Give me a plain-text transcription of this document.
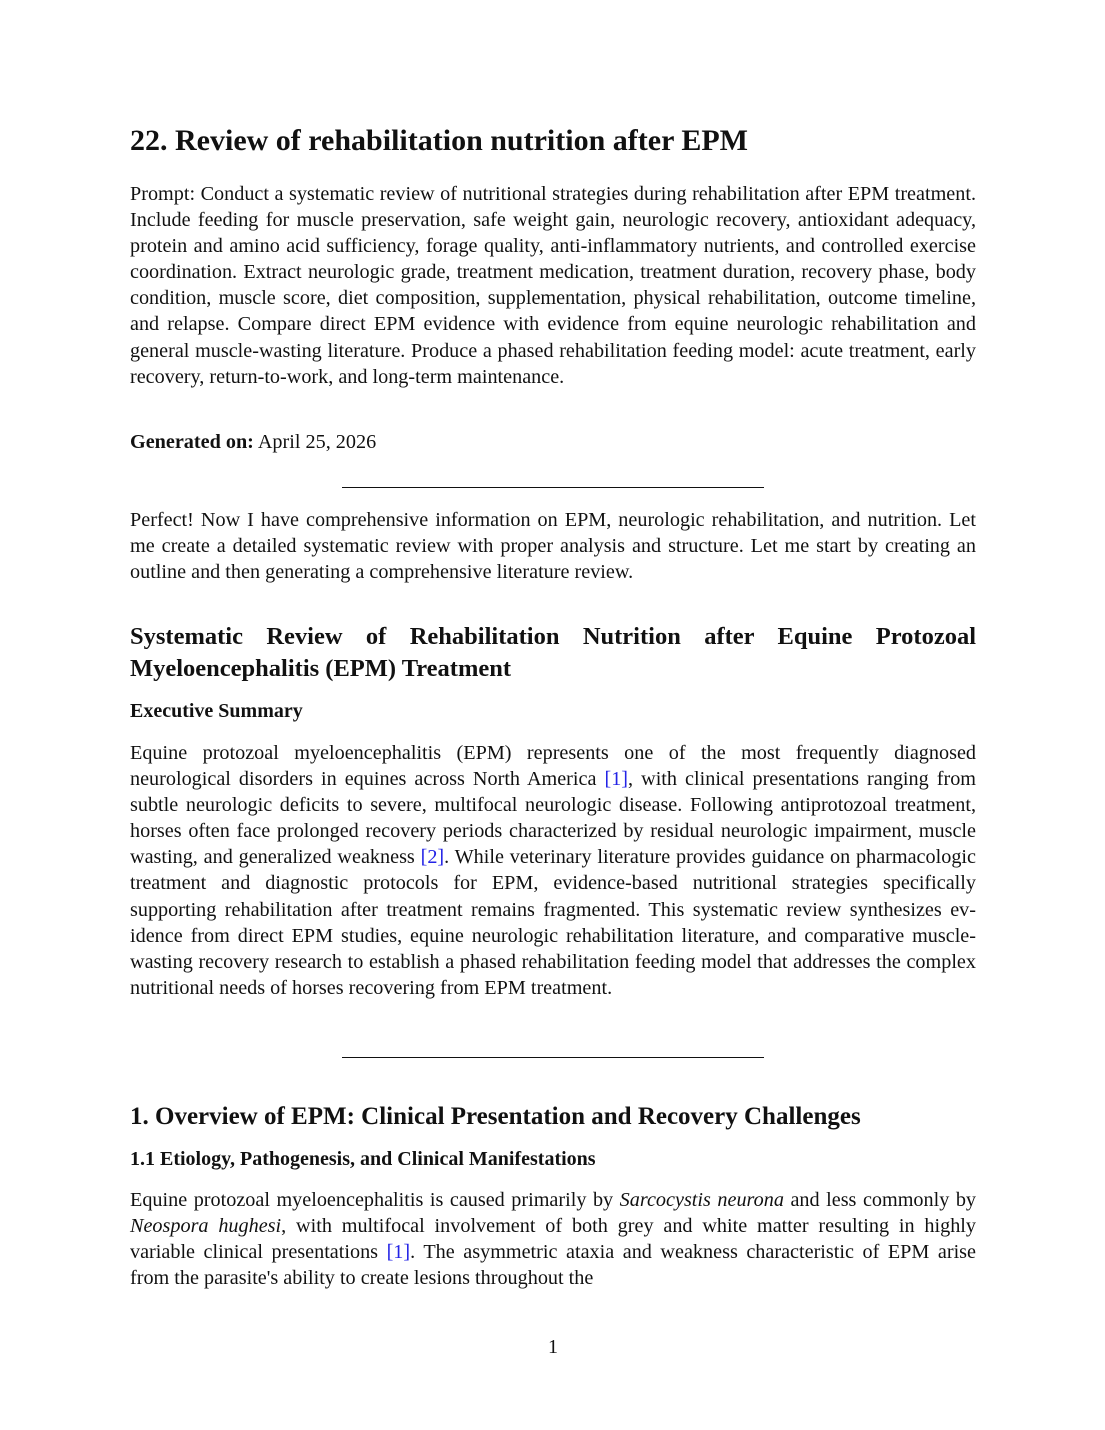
22. Review of rehabilitation nutrition after EPM

Prompt: Conduct a systematic review of nutritional strategies during rehabilitation after EPM treatment. Include feeding for muscle preservation, safe weight gain, neurologic recovery, antioxidant adequacy, protein and amino acid sufficiency, forage quality, anti-inflammatory nutrients, and controlled exercise coordination. Extract neurologic grade, treatment medication, treatment duration, recovery phase, body condition, muscle score, diet composition, supplementation, physical rehabilitation, outcome timeline, and relapse. Compare direct EPM evidence with evidence from equine neurologic rehabilitation and general muscle-wasting literature. Produce a phased rehabilitation feeding model: acute treatment, early recovery, return-to-work, and long-term maintenance.

Generated on: April 25, 2026

Perfect! Now I have comprehensive information on EPM, neurologic rehabilitation, and nutrition. Let me create a detailed systematic review with proper analysis and structure. Let me start by creating an outline and then generating a comprehensive literature review.

Systematic Review of Rehabilitation Nutrition after Equine Protozoal Myeloencephalitis (EPM) Treatment
Executive Summary

Equine protozoal myeloencephalitis (EPM) represents one of the most frequently diagnosed neurological disorders in equines across North America [1], with clinical presentations ranging from subtle neurologic deficits to severe, multifocal neurologic disease. Following antiprotozoal treatment, horses often face prolonged recovery periods characterized by residual neurologic impairment, muscle wasting, and generalized weakness [2]. While veterinary literature provides guidance on pharmacologic treatment and diagnostic protocols for EPM, evidence-based nutritional strategies specifically supporting rehabilitation after treatment remains fragmented. This systematic review synthesizes evidence from direct EPM studies, equine neurologic rehabilitation literature, and comparative muscle-wasting recovery research to establish a phased rehabilitation feeding model that addresses the complex nutritional needs of horses recovering from EPM treatment.

1. Overview of EPM: Clinical Presentation and Recovery Challenges
1.1 Etiology, Pathogenesis, and Clinical Manifestations

Equine protozoal myeloencephalitis is caused primarily by Sarcocystis neurona and less commonly by Neospora hughesi, with multifocal involvement of both grey and white matter resulting in highly variable clinical presentations [1]. The asymmetric ataxia and weakness characteristic of EPM arise from the parasite's ability to create lesions throughout the

1
